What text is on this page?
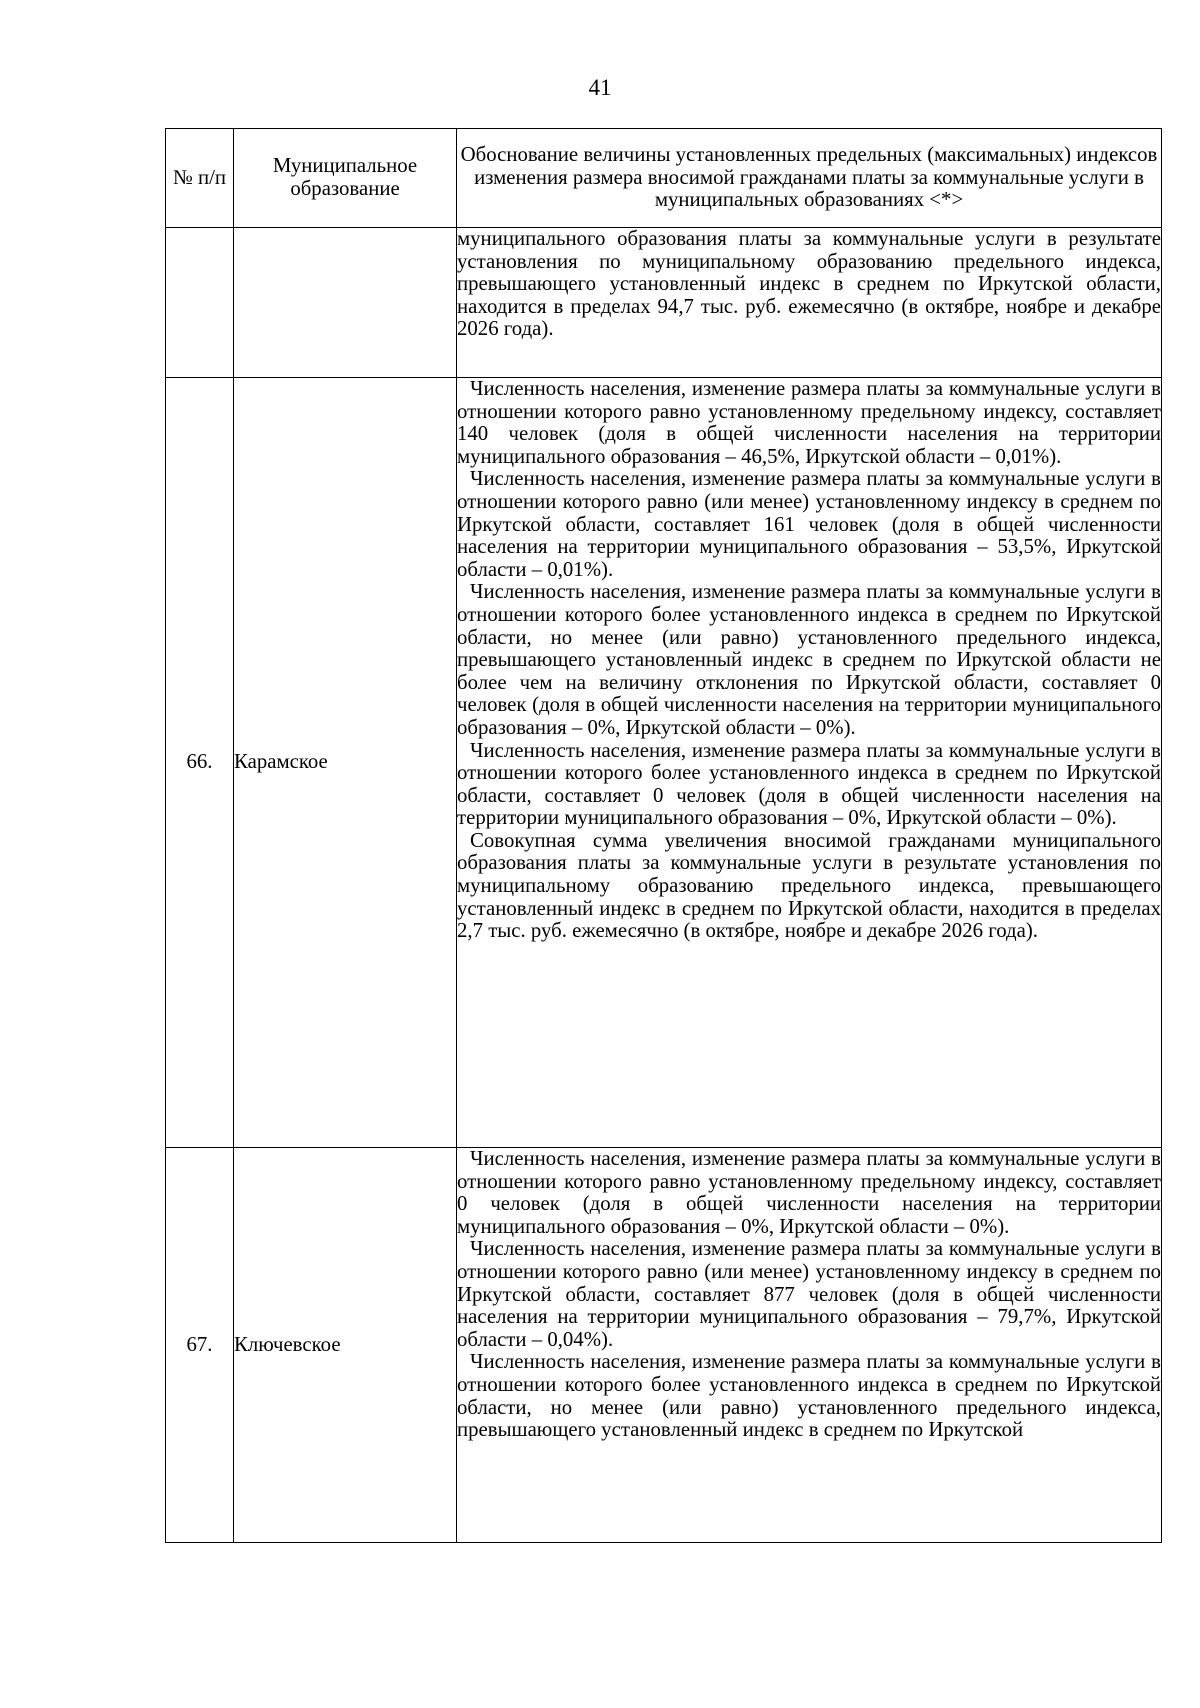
41
№ п/п	Муниципальное образование	Обоснование величины установленных предельных (максимальных) индексов изменения размера вносимой гражданами платы за коммунальные услуги в муниципальных образованиях <*>

		муниципального образования платы за коммунальные услуги в результате установления по муниципальному образованию предельного индекса, превышающего установленный индекс в среднем по Иркутской области, находится в пределах 94,7 тыс. руб. ежемесячно (в октябре, ноябре и декабре 2026 года).

66.	Карамское	Численность населения, изменение размера платы за коммунальные услуги в отношении которого равно установленному предельному индексу, составляет 140 человек (доля в общей численности населения на территории муниципального образования – 46,5%, Иркутской области – 0,01%).

Численность населения, изменение размера платы за коммунальные услуги в отношении которого равно (или менее) установленному индексу в среднем по Иркутской области, составляет 161 человек (доля в общей численности населения на территории муниципального образования – 53,5%, Иркутской области – 0,01%).

Численность населения, изменение размера платы за коммунальные услуги в отношении которого более установленного индекса в среднем по Иркутской области, но менее (или равно) установленного предельного индекса, превышающего установленный индекс в среднем по Иркутской области не более чем на величину отклонения по Иркутской области, составляет 0 человек (доля в общей численности населения на территории муниципального образования – 0%, Иркутской области – 0%).

Численность населения, изменение размера платы за коммунальные услуги в отношении которого более установленного индекса в среднем по Иркутской области, составляет 0 человек (доля в общей численности населения на территории муниципального образования – 0%, Иркутской области – 0%).

Совокупная сумма увеличения вносимой гражданами муниципального образования платы за коммунальные услуги в результате установления по муниципальному образованию предельного индекса, превышающего установленный индекс в среднем по Иркутской области, находится в пределах 2,7 тыс. руб. ежемесячно (в октябре, ноябре и декабре 2026 года).

67.	Ключевское	Численность населения, изменение размера платы за коммунальные услуги в отношении которого равно установленному предельному индексу, составляет 0 человек (доля в общей численности населения на территории муниципального образования – 0%, Иркутской области – 0%).

Численность населения, изменение размера платы за коммунальные услуги в отношении которого равно (или менее) установленному индексу в среднем по Иркутской области, составляет 877 человек (доля в общей численности населения на территории муниципального образования – 79,7%, Иркутской области – 0,04%).

Численность населения, изменение размера платы за коммунальные услуги в отношении которого более установленного индекса в среднем по Иркутской области, но менее (или равно) установленного предельного индекса, превышающего установленный индекс в среднем по Иркутской
